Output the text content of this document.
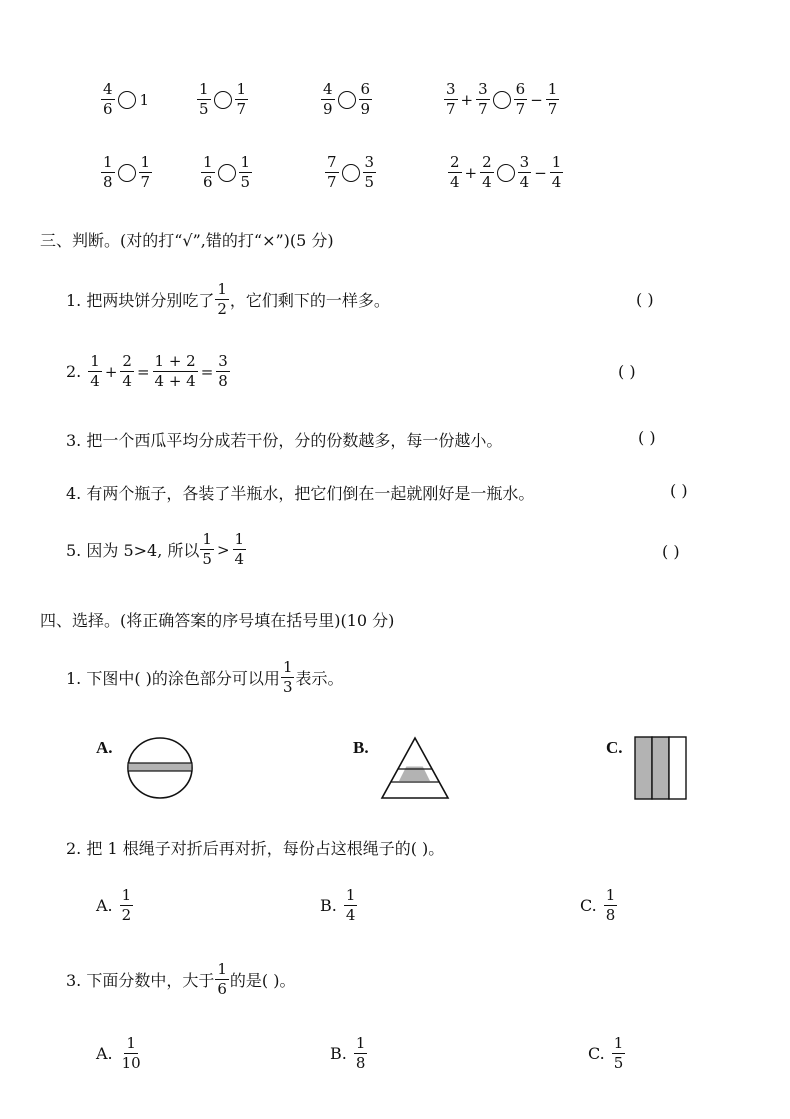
$\frac{4}{6} 1$	$\frac{1}{5} \frac{1}{7}$	$\frac{4}{9} \frac{6}{9}$	$\frac{3}{7} + \frac{3}{7} \frac{6}{7} - \frac{1}{7}$
$\frac{1}{8} \frac{1}{7}$	$\frac{1}{6} \frac{1}{5}$	$\frac{7}{7} \frac{3}{5}$	$\frac{2}{4} + \frac{2}{4} \frac{3}{4} - \frac{1}{4}$
三、判断。(对的打“√”,错的打“×”)(5 分)
1. 把两块饼分别吃了 $\frac{1}{2}$ ，它们剩下的一样多。	( )
2. $\frac{1}{4} + \frac{2}{4} = \frac{1 + 2}{4 + 4} = \frac{3}{8}$	( )
3. 把一个西瓜平均分成若干份，分的份数越多，每一份越小。	( )
4. 有两个瓶子，各装了半瓶水，把它们倒在一起就刚好是一瓶水。	( )
5. 因为 5>4, 所以 $\frac{1}{5} > \frac{1}{4}$	( )
四、选择。(将正确答案的序号填在括号里)(10 分)
1. 下图中( )的涂色部分可以用 $\frac{1}{3}$ 表示。
A.	B.	C.
2. 把 1 根绳子对折后再对折，每份占这根绳子的( )。
A. $\frac{1}{2}$	B. $\frac{1}{4}$	C. $\frac{1}{8}$
3. 下面分数中，大于 $\frac{1}{6}$ 的是( )。
A. $\frac{1}{10}$	B. $\frac{1}{8}$	C. $\frac{1}{5}$
